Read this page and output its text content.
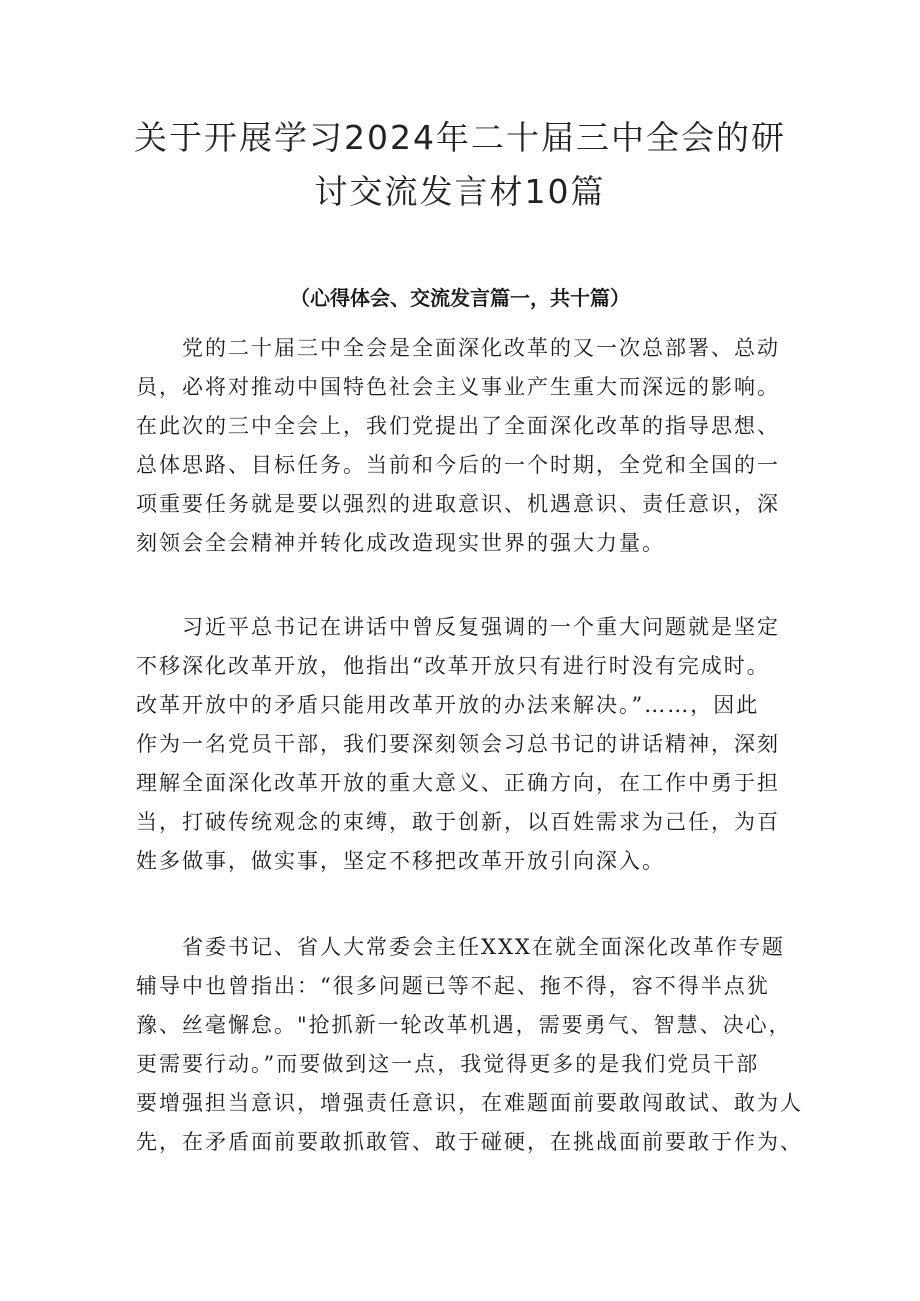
关于开展学习2024年二十届三中全会的研
讨交流发言材10篇
（心得体会、交流发言篇一，共十篇）
党的二十届三中全会是全面深化改革的又一次总部署、总动
员，必将对推动中国特色社会主义事业产生重大而深远的影响。
在此次的三中全会上，我们党提出了全面深化改革的指导思想、
总体思路、目标任务。当前和今后的一个时期，全党和全国的一
项重要任务就是要以强烈的进取意识、机遇意识、责任意识，深
刻领会全会精神并转化成改造现实世界的强大力量。
习近平总书记在讲话中曾反复强调的一个重大问题就是坚定
不移深化改革开放，他指出“改革开放只有进行时没有完成时。
改革开放中的矛盾只能用改革开放的办法来解决。”……，因此
作为一名党员干部，我们要深刻领会习总书记的讲话精神，深刻
理解全面深化改革开放的重大意义、正确方向，在工作中勇于担
当，打破传统观念的束缚，敢于创新，以百姓需求为己任，为百
姓多做事，做实事，坚定不移把改革开放引向深入。
省委书记、省人大常委会主任XXX在就全面深化改革作专题
辅导中也曾指出：“很多问题已等不起、拖不得，容不得半点犹
豫、丝毫懈怠。"抢抓新一轮改革机遇，需要勇气、智慧、决心，
更需要行动。”而要做到这一点，我觉得更多的是我们党员干部
要增强担当意识，增强责任意识，在难题面前要敢闯敢试、敢为人
先，在矛盾面前要敢抓敢管、敢于碰硬，在挑战面前要敢于作为、
